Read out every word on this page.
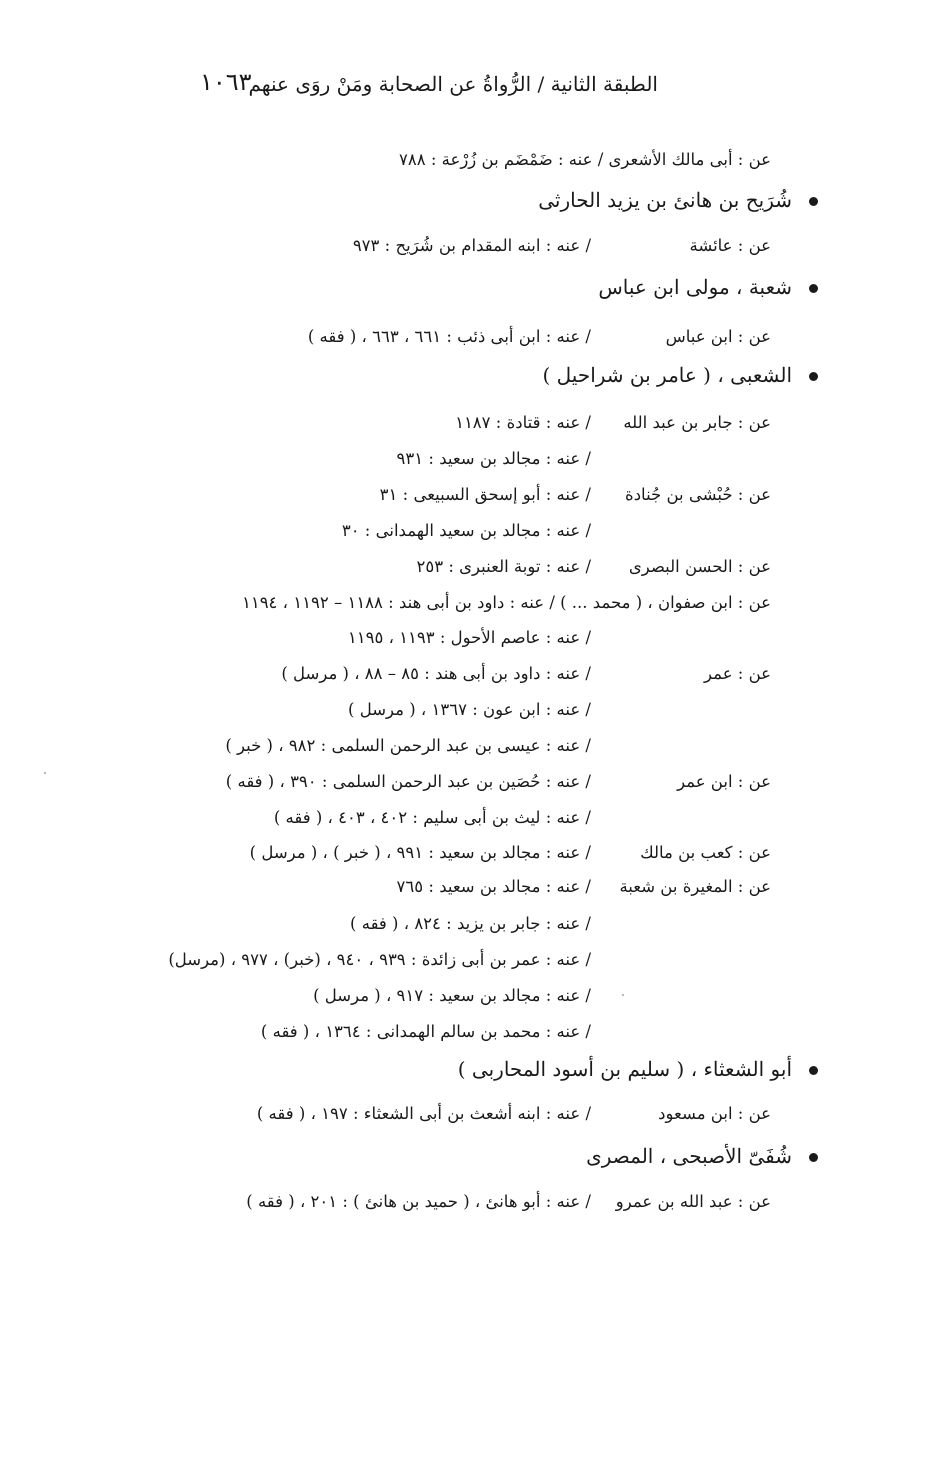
الطبقة الثانية / الرُّواةُ عن الصحابة ومَنْ روَى عنهم
١٠٦٣
عن : أبى مالك الأشعرى / عنه : ضَمْضَم بن زُرْعة : ٧٨٨
شُرَيح بن هانئ بن يزيد الحارثى
عن : عائشة
/ عنه : ابنه المقدام بن شُرَيح : ٩٧٣
شعبة ، مولى ابن عباس
عن : ابن عباس
/ عنه : ابن أبى ذئب : ٦٦١ ، ٦٦٣ ، ( فقه )
الشعبى ، ( عامر بن شراحيل )
عن : جابر بن عبد الله
/ عنه : قتادة : ١١٨٧
/ عنه : مجالد بن سعيد : ٩٣١
عن : حُبْشى بن جُنادة
/ عنه : أبو إسحق السبيعى : ٣١
/ عنه : مجالد بن سعيد الهمدانى : ٣٠
عن : الحسن البصرى
/ عنه : توبة العنبرى : ٢٥٣
عن : ابن صفوان ، ( محمد ... ) / عنه : داود بن أبى هند : ١١٨٨ – ١١٩٢ ، ١١٩٤
/ عنه : عاصم الأحول : ١١٩٣ ، ١١٩٥
عن : عمر
/ عنه : داود بن أبى هند : ٨٥ – ٨٨ ، ( مرسل )
/ عنه : ابن عون : ١٣٦٧ ، ( مرسل )
/ عنه : عيسى بن عبد الرحمن السلمى : ٩٨٢ ، ( خبر )
عن : ابن عمر
/ عنه : حُصَين بن عبد الرحمن السلمى : ٣٩٠ ، ( فقه )
/ عنه : ليث بن أبى سليم : ٤٠٢ ، ٤٠٣ ، ( فقه )
عن : كعب بن مالك
/ عنه : مجالد بن سعيد : ٩٩١ ، ( خبر ) ، ( مرسل )
عن : المغيرة بن شعبة
/ عنه : مجالد بن سعيد : ٧٦٥
/ عنه : جابر بن يزيد : ٨٢٤ ، ( فقه )
/ عنه : عمر بن أبى زائدة : ٩٣٩ ، ٩٤٠ ، (خبر) ، ٩٧٧ ، (مرسل)
/ عنه : مجالد بن سعيد : ٩١٧ ، ( مرسل )
/ عنه : محمد بن سالم الهمدانى : ١٣٦٤ ، ( فقه )
أبو الشعثاء ، ( سليم بن أسود المحاربى )
عن : ابن مسعود
/ عنه : ابنه أشعث بن أبى الشعثاء : ١٩٧ ، ( فقه )
شُفَىّ الأصبحى ، المصرى
عن : عبد الله بن عمرو
/ عنه : أبو هانئ ، ( حميد بن هانئ ) : ٢٠١ ، ( فقه )
